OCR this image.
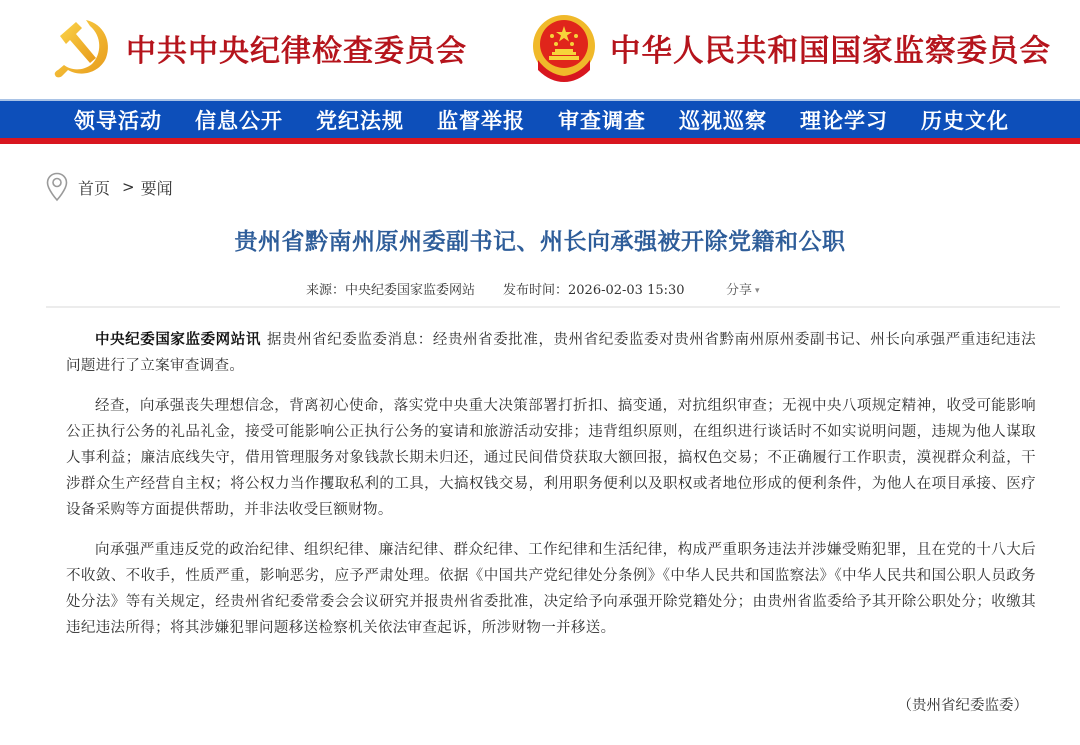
中共中央纪律检查委员会	中华人民共和国国家监察委员会
领导活动 信息公开 党纪法规 监督举报 审查调查 巡视巡察 理论学习 历史文化
首页 > 要闻
贵州省黔南州原州委副书记、州长向承强被开除党籍和公职
来源：中央纪委国家监委网站 发布时间：2026-02-03 15:30	分享 ▾

中央纪委国家监委网站讯 据贵州省纪委监委消息：经贵州省委批准，贵州省纪委监委对贵州省黔南州原州委副书记、州长向承强严重违纪违法问题进行了立案审查调查。

经查，向承强丧失理想信念，背离初心使命，落实党中央重大决策部署打折扣、搞变通，对抗组织审查；无视中央八项规定精神，收受可能影响公正执行公务的礼品礼金，接受可能影响公正执行公务的宴请和旅游活动安排；违背组织原则，在组织进行谈话时不如实说明问题，违规为他人谋取人事利益；廉洁底线失守，借用管理服务对象钱款长期未归还，通过民间借贷获取大额回报，搞权色交易；不正确履行工作职责，漠视群众利益，干涉群众生产经营自主权；将公权力当作攫取私利的工具，大搞权钱交易，利用职务便利以及职权或者地位形成的便利条件，为他人在项目承接、医疗设备采购等方面提供帮助，并非法收受巨额财物。

向承强严重违反党的政治纪律、组织纪律、廉洁纪律、群众纪律、工作纪律和生活纪律，构成严重职务违法并涉嫌受贿犯罪，且在党的十八大后不收敛、不收手，性质严重，影响恶劣，应予严肃处理。依据《中国共产党纪律处分条例》《中华人民共和国监察法》《中华人民共和国公职人员政务处分法》等有关规定，经贵州省纪委常委会会议研究并报贵州省委批准，决定给予向承强开除党籍处分；由贵州省监委给予其开除公职处分；收缴其违纪违法所得；将其涉嫌犯罪问题移送检察机关依法审查起诉，所涉财物一并移送。

（贵州省纪委监委）
